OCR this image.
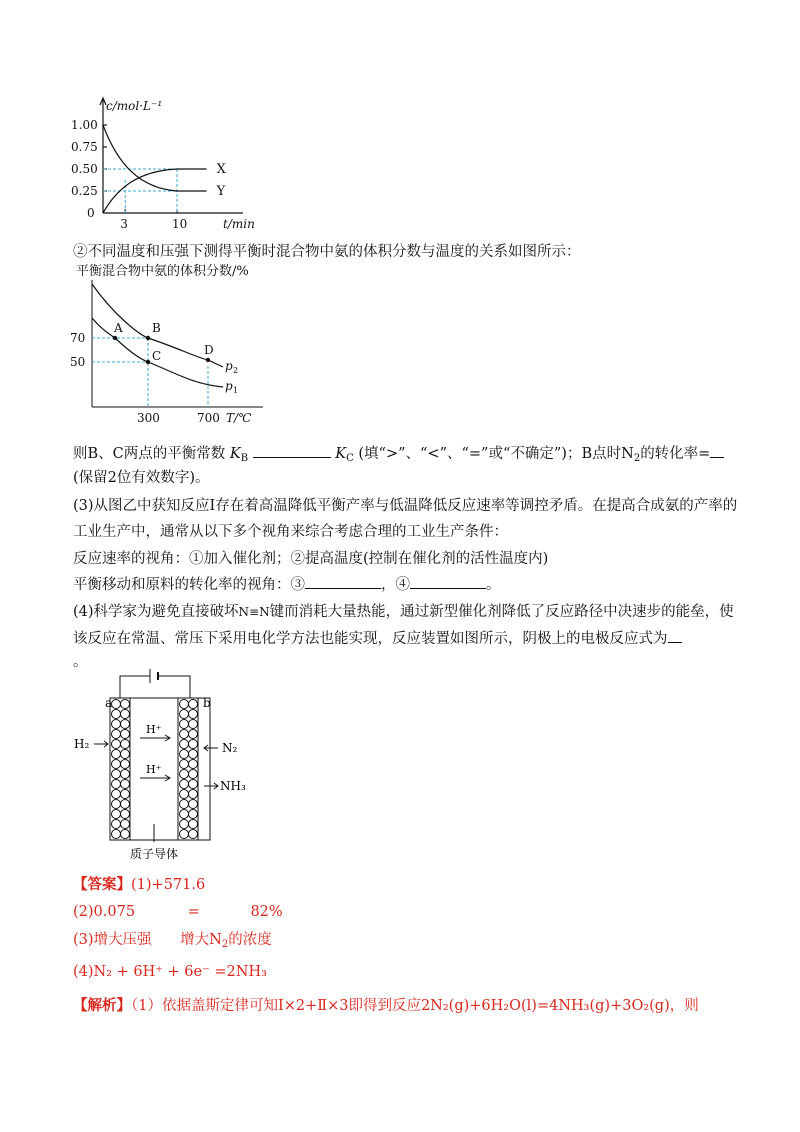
1.00
0.75
0.50
0.25
3	10
0
c/mol·L⁻¹
t/min
X
Y
平衡混合物中氨的体积分数/%
70
50
300	700 T/℃
A B
C	D
p 2
p 1
②不同温度和压强下测得平衡时混合物中氨的体积分数与温度的关系如图所示：
则B、C两点的平衡常数 $K_B$	$K_C$ (填“>”、“<”、“=”或“不确定”)；B点时$N_2$的转化率=
(保留2位有效数字)。
(3)从图乙中获知反应Ⅰ存在着高温降低平衡产率与低温降低反应速率等调控矛盾。在提高合成氨的产率的
工业生产中，通常从以下多个视角来综合考虑合理的工业生产条件：
反应速率的视角：①加入催化剂；②提高温度(控制在催化剂的活性温度内)
平衡移动和原料的转化率的视角：③	，④	。
(4)科学家为避免直接破坏N≡N键而消耗大量热能，通过新型催化剂降低了反应路径中决速步的能垒，使
该反应在常温、常压下采用电化学方法也能实现，反应装置如图所示，阴极上的电极反应式为
。
a	b
H₂	N₂
NH₃
H⁺
H⁺
质子导体
【答案】(1)+571.6
(2)0.075	=	82%
(3)增大压强 增大$N_2$的浓度
(4)N₂ + 6H⁺ + 6e⁻ =2NH₃
【解析】（1）依据盖斯定律可知Ⅰ×2+Ⅱ×3即得到反应2N₂(g)+6H₂O(l)=4NH₃(g)+3O₂(g)，则
